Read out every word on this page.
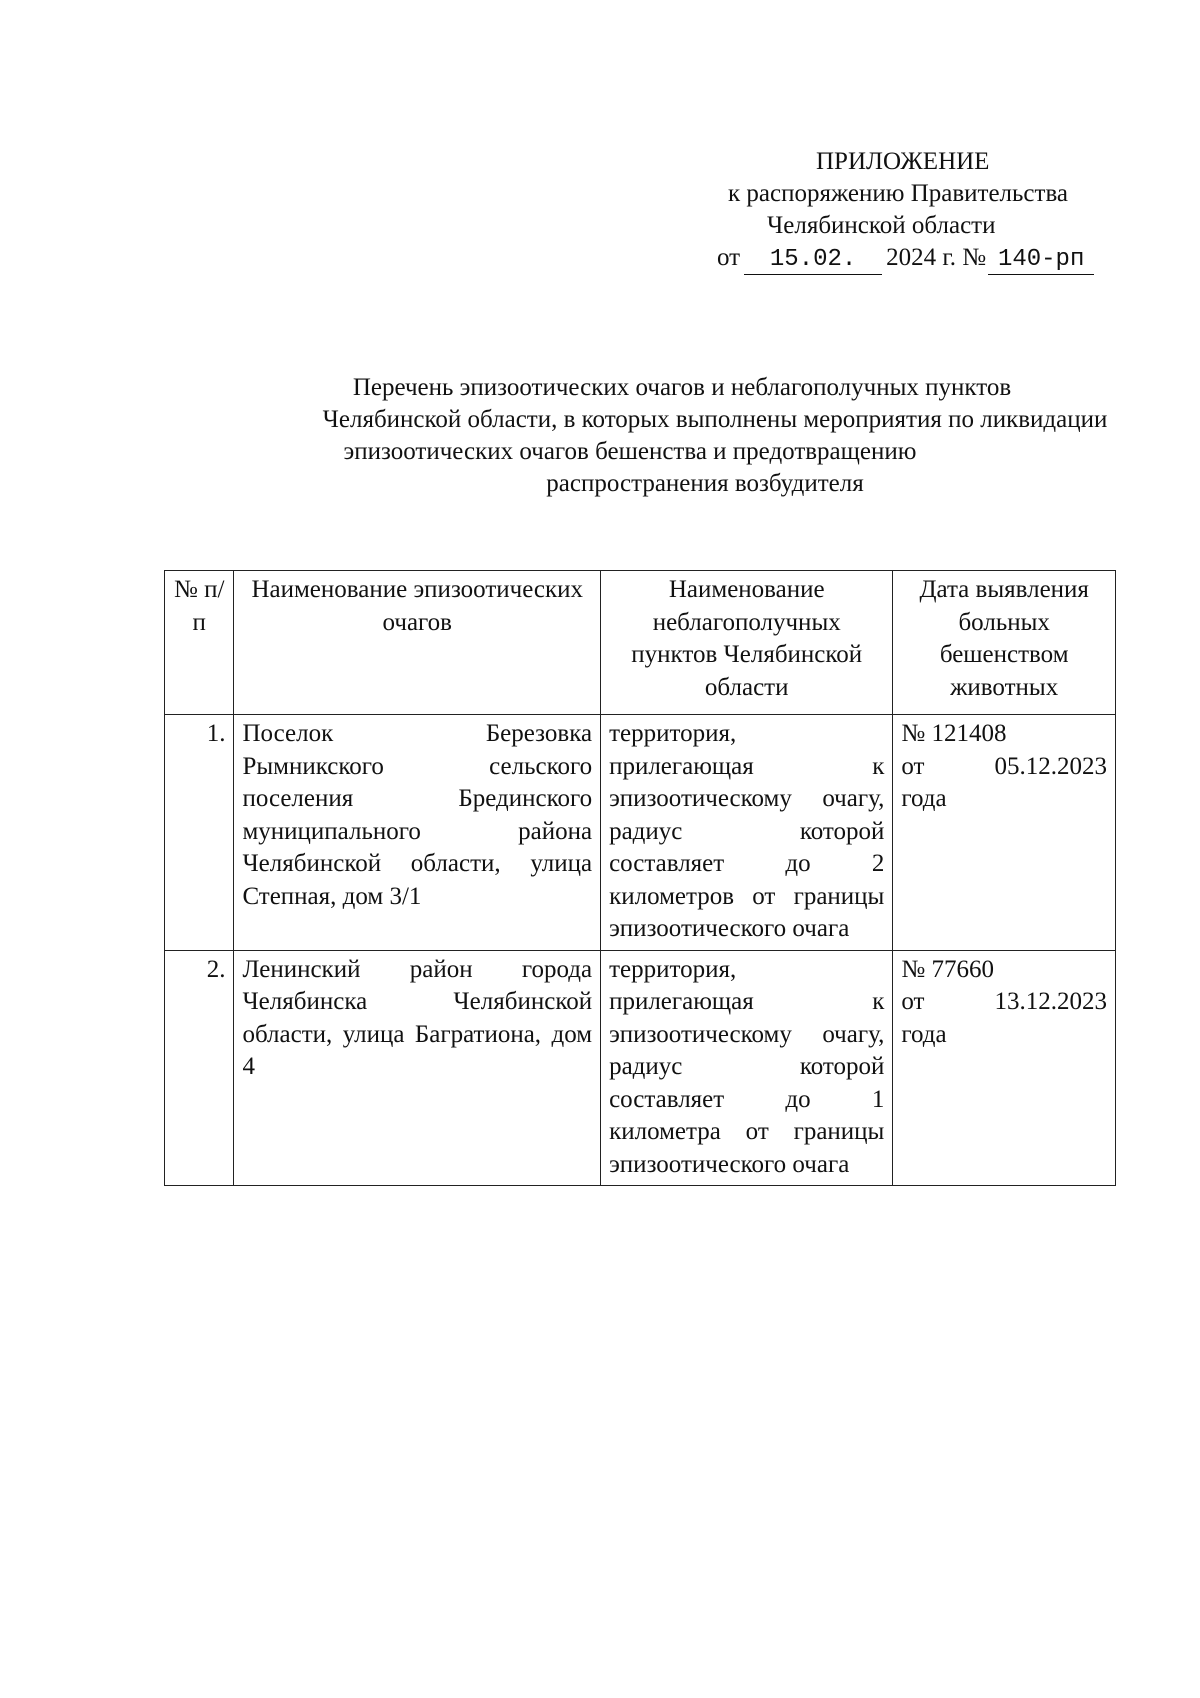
ПРИЛОЖЕНИЕ
к распоряжению Правительства
Челябинской области
от 15.02. 2024 г. № 140-рп
Перечень эпизоотических очагов и неблагополучных пунктов
Челябинской области, в которых выполнены мероприятия по ликвидации
эпизоотических очагов бешенства и предотвращению
распространения возбудителя
№ п/п	Наименование эпизоотических очагов	Наименование неблагополучных пунктов Челябинской области	Дата выявления больных бешенством животных
1.	Поселок Березовка Рымникского сельского поселения Брединского муниципального района Челябинской области, улица Степная, дом 3/1	территория, прилегающая к эпизоотическому очагу, радиус которой составляет до 2 километров от границы эпизоотического очага	№ 121408
от 05.12.2023
года

2.	Ленинский район города Челябинска Челябинской области, улица Багратиона, дом 4	территория, прилегающая к эпизоотическому очагу, радиус которой составляет до 1 километра от границы эпизоотического очага	№ 77660
от 13.12.2023
года
